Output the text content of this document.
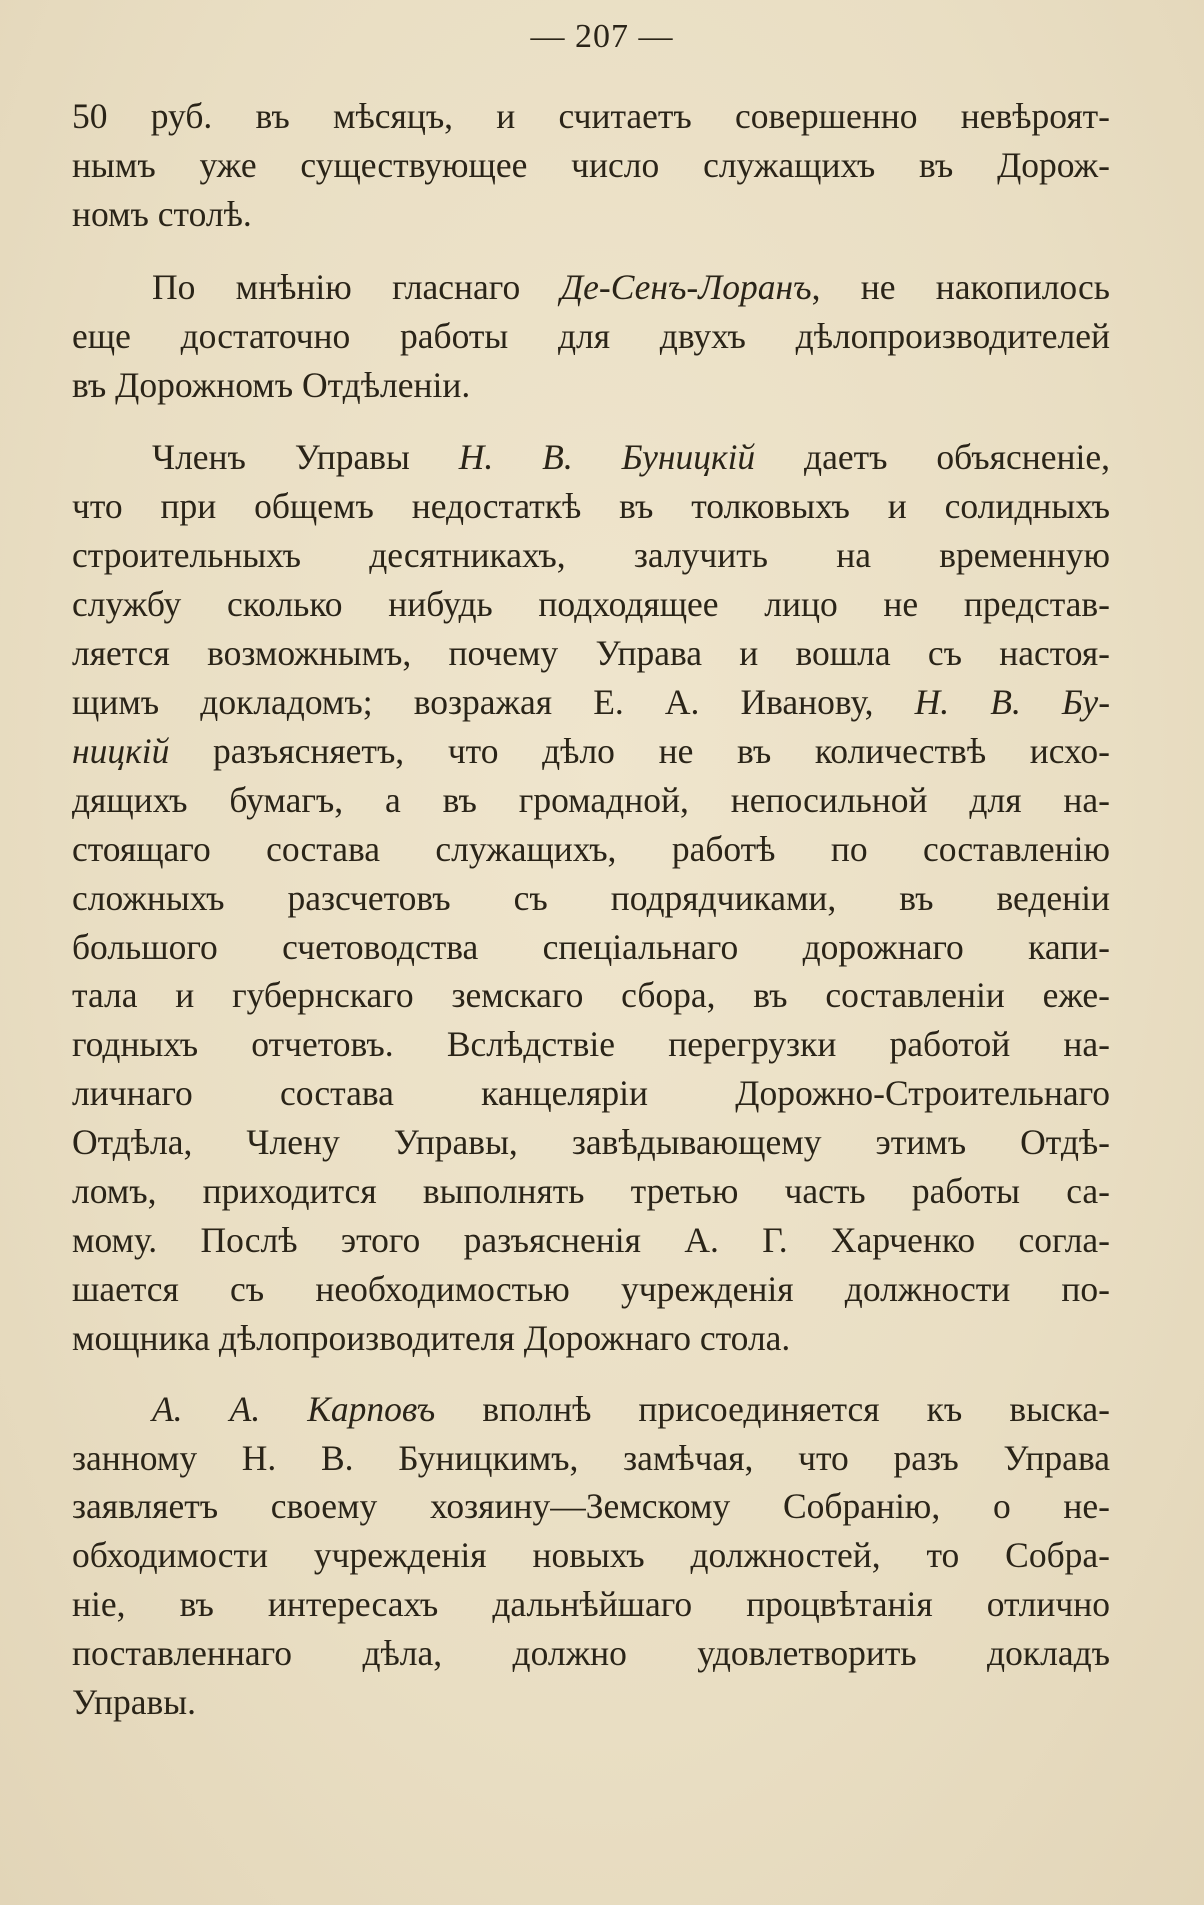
— 207 —
50 руб. въ мѣсяцъ, и считаетъ совершенно невѣроят-
нымъ уже существующее число служащихъ въ Дорож-
номъ столѣ.
По мнѣнію гласнаго Де-Сенъ-Лоранъ, не накопилось
еще достаточно работы для двухъ дѣлопроизводителей
въ Дорожномъ Отдѣленіи.
Членъ Управы Н. В. Буницкій даетъ объясненіе,
что при общемъ недостаткѣ въ толковыхъ и солидныхъ
строительныхъ десятникахъ, залучить на временную
службу сколько нибудь подходящее лицо не представ-
ляется возможнымъ, почему Управа и вошла съ настоя-
щимъ докладомъ; возражая Е. А. Иванову, Н. В. Бу-
ницкій разъясняетъ, что дѣло не въ количествѣ исхо-
дящихъ бумагъ, а въ громадной, непосильной для на-
стоящаго состава служащихъ, работѣ по составленію
сложныхъ разсчетовъ съ подрядчиками, въ веденіи
большого счетоводства спеціальнаго дорожнаго капи-
тала и губернскаго земскаго сбора, въ составленіи еже-
годныхъ отчетовъ. Вслѣдствіе перегрузки работой на-
личнаго состава канцеляріи Дорожно-Строительнаго
Отдѣла, Члену Управы, завѣдывающему этимъ Отдѣ-
ломъ, приходится выполнять третью часть работы са-
мому. Послѣ этого разъясненія А. Г. Харченко согла-
шается съ необходимостью учрежденія должности по-
мощника дѣлопроизводителя Дорожнаго стола.
А. А. Карповъ вполнѣ присоединяется къ выска-
занному Н. В. Буницкимъ, замѣчая, что разъ Управа
заявляетъ своему хозяину—Земскому Собранію, о не-
обходимости учрежденія новыхъ должностей, то Собра-
ніе, въ интересахъ дальнѣйшаго процвѣтанія отлично
поставленнаго дѣла, должно удовлетворить докладъ
Управы.
